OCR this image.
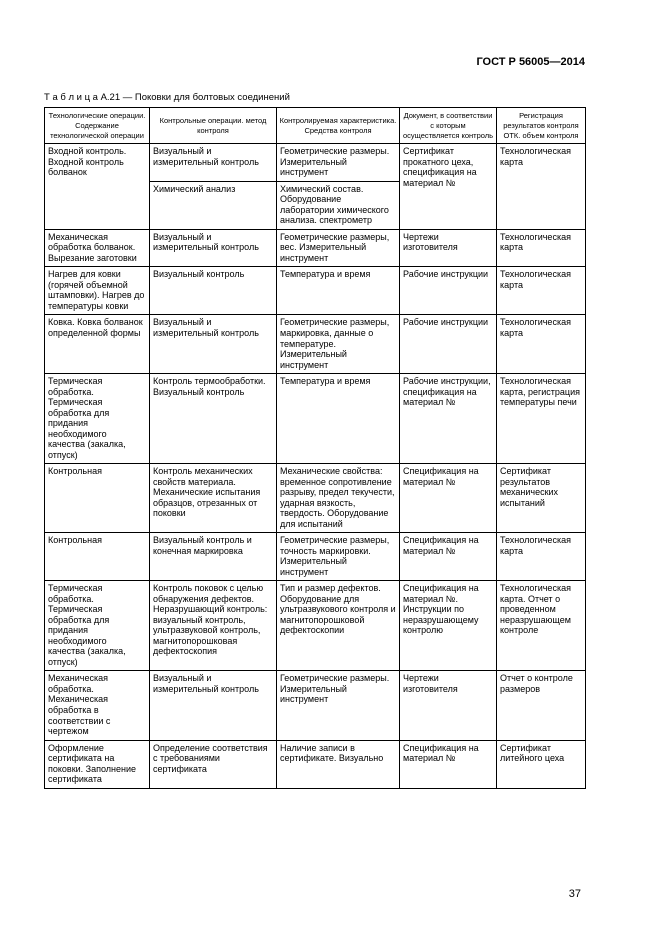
ГОСТ Р 56005—2014
Т а б л и ц а А.21 — Поковки для болтовых соединений
Технологические операции. Содержание технологической операции	Контрольные операции. метод контроля	Контролируемая характеристика. Средства контроля	Документ, в соответствии с которым осуществляется контроль	Регистрация результатов контроля ОТК. объем контроля
Входной контроль. Входной контроль болванок	Визуальный и измерительный контроль	Геометрические размеры. Измерительный инструмент	Сертификат прокатного цеха, спецификация на материал №	Технологическая карта
	Химический анализ	Химический состав. Оборудование лаборатории химического анализа. спектрометр		
Механическая обработка болванок. Вырезание заготовки	Визуальный и измерительный контроль	Геометрические размеры, вес. Измерительный инструмент	Чертежи изготовителя	Технологическая карта
Нагрев для ковки (горячей объемной штамповки). Нагрев до температуры ковки	Визуальный контроль	Температура и время	Рабочие инструкции	Технологическая карта
Ковка. Ковка болванок определенной формы	Визуальный и измерительный контроль	Геометрические размеры, маркировка, данные о температуре. Измерительный инструмент	Рабочие инструкции	Технологическая карта
Термическая обработка. Термическая обработка для придания необходимого качества (закалка, отпуск)	Контроль термообработки. Визуальный контроль	Температура и время	Рабочие инструкции, спецификация на материал №	Технологическая карта, регистрация температуры печи
Контрольная	Контроль механических свойств материала. Механические испытания образцов, отрезанных от поковки	Механические свойства: временное сопротивление разрыву, предел текучести, ударная вязкость, твердость. Оборудование для испытаний	Спецификация на материал №	Сертификат результатов механических испытаний
Контрольная	Визуальный контроль и конечная маркировка	Геометрические размеры, точность маркировки. Измерительный инструмент	Спецификация на материал №	Технологическая карта
Термическая обработка. Термическая обработка для придания необходимого качества (закалка, отпуск)	Контроль поковок с целью обнаружения дефектов. Неразрушающий контроль: визуальный контроль, ультразвуковой контроль, магнитопорошковая дефектоскопия	Тип и размер дефектов. Оборудование для ультразвукового контроля и магнитопорошковой дефектоскопии	Спецификация на материал №. Инструкции по неразрушающему контролю	Технологическая карта. Отчет о проведенном неразрушающем контроле
Механическая обработка. Механическая обработка в соответствии с чертежом	Визуальный и измерительный контроль	Геометрические размеры. Измерительный инструмент	Чертежи изготовителя	Отчет о контроле размеров
Оформление сертификата на поковки. Заполнение сертификата	Определение соответствия с требованиями сертификата	Наличие записи в сертификате. Визуально	Спецификация на материал №	Сертификат литейного цеха
37
